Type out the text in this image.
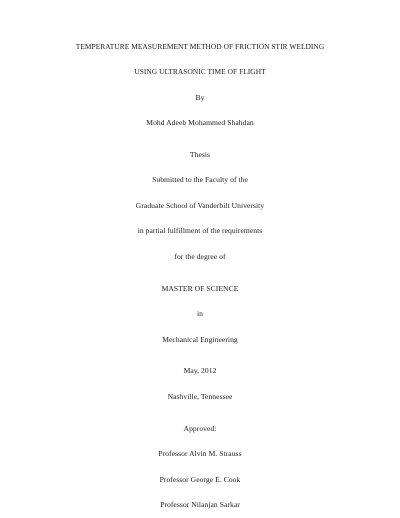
TEMPERATURE MEASUREMENT METHOD OF FRICTION STIR WELDING
USING ULTRASONIC TIME OF FLIGHT
By
Mohd Adeeb Mohammed Shahdan
Thesis
Submitted to the Faculty of the
Graduate School of Vanderbilt University
in partial fulfillment of the requirements
for the degree of
MASTER OF SCIENCE
in
Mechanical Engineering
May, 2012
Nashville, Tennessee
Approved:
Professor Alvin M. Strauss
Professor George E. Cook
Professor Nilanjan Sarkar
